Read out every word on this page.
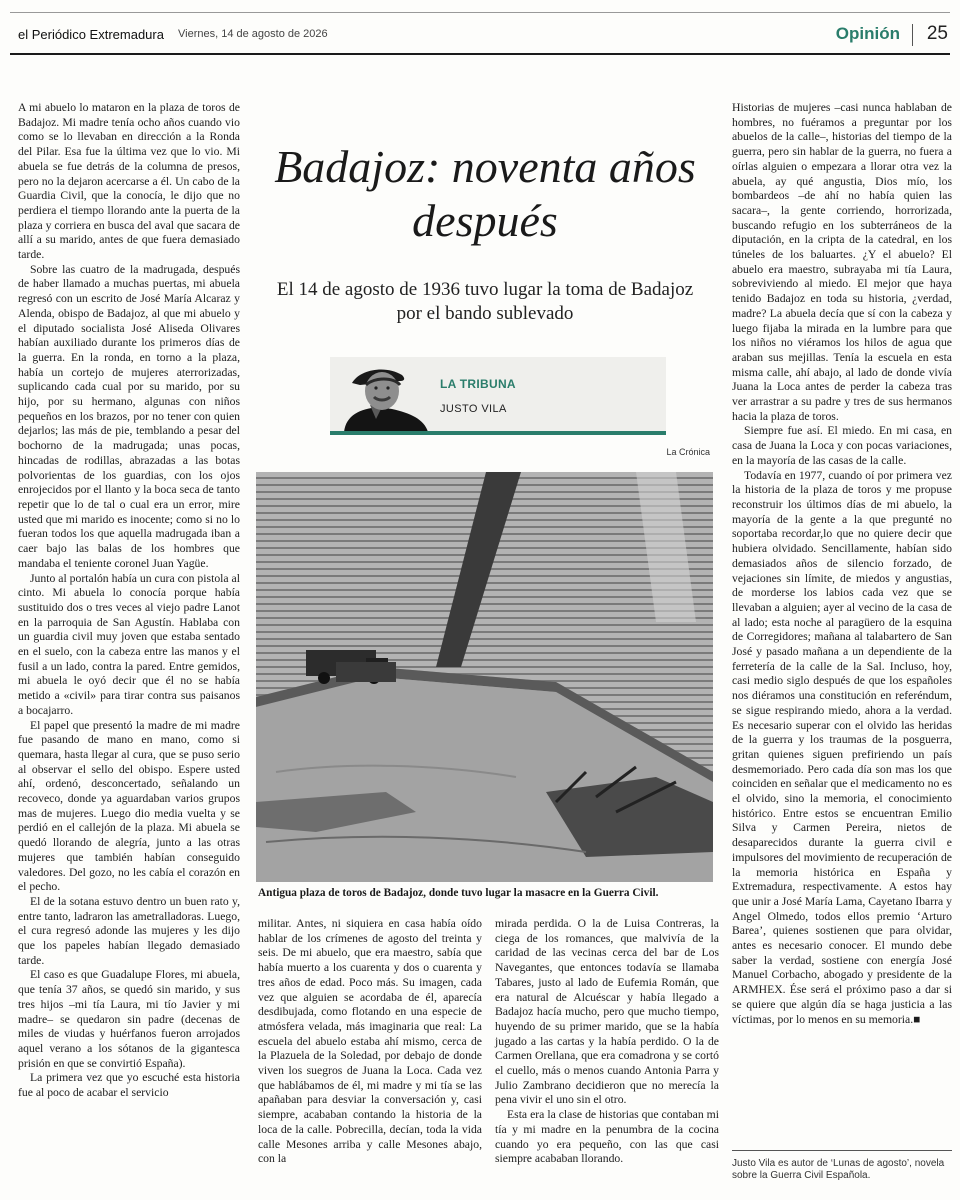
el Periódico Extremadura Viernes, 14 de agosto de 2026	Opinión 25

A mi abuelo lo mataron en la plaza de toros de Badajoz. Mi madre tenía ocho años cuando vio como se lo llevaban en dirección a la Ronda del Pilar. Esa fue la última vez que lo vio. Mi abuela se fue detrás de la columna de presos, pero no la dejaron acercarse a él. Un cabo de la Guardia Civil, que la conocía, le dijo que no perdiera el tiempo llorando ante la puerta de la plaza y corriera en busca del aval que sacara de allí a su marido, antes de que fuera demasiado tarde.

Sobre las cuatro de la madrugada, después de haber llamado a muchas puertas, mi abuela regresó con un escrito de José María Alcaraz y Alenda, obispo de Badajoz, al que mi abuelo y el diputado socialista José Aliseda Olivares habían auxiliado durante los primeros días de la guerra. En la ronda, en torno a la plaza, había un cortejo de mujeres aterrorizadas, suplicando cada cual por su marido, por su hijo, por su hermano, algunas con niños pequeños en los brazos, por no tener con quien dejarlos; las más de pie, temblando a pesar del bochorno de la madrugada; unas pocas, hincadas de rodillas, abrazadas a las botas polvorientas de los guardias, con los ojos enrojecidos por el llanto y la boca seca de tanto repetir que lo de tal o cual era un error, mire usted que mi marido es inocente; como si no lo fueran todos los que aquella madrugada iban a caer bajo las balas de los hombres que mandaba el teniente coronel Juan Yagüe.

Junto al portalón había un cura con pistola al cinto. Mi abuela lo conocía porque había sustituido dos o tres veces al viejo padre Lanot en la parroquia de San Agustín. Hablaba con un guardia civil muy joven que estaba sentado en el suelo, con la cabeza entre las manos y el fusil a un lado, contra la pared. Entre gemidos, mi abuela le oyó decir que él no se había metido a «civil» para tirar contra sus paisanos a bocajarro.

El papel que presentó la madre de mi madre fue pasando de mano en mano, como si quemara, hasta llegar al cura, que se puso serio al observar el sello del obispo. Espere usted ahí, ordenó, desconcertado, señalando un recoveco, donde ya aguardaban varios grupos mas de mujeres. Luego dio media vuelta y se perdió en el callejón de la plaza. Mi abuela se quedó llorando de alegría, junto a las otras mujeres que también habían conseguido valedores. Del gozo, no les cabía el corazón en el pecho.

El de la sotana estuvo dentro un buen rato y, entre tanto, ladraron las ametralladoras. Luego, el cura regresó adonde las mujeres y les dijo que los papeles habían llegado demasiado tarde.

El caso es que Guadalupe Flores, mi abuela, que tenía 37 años, se quedó sin marido, y sus tres hijos –mi tía Laura, mi tío Javier y mi madre– se quedaron sin padre (decenas de miles de viudas y huérfanos fueron arrojados aquel verano a los sótanos de la gigantesca prisión en que se convirtió España).

La primera vez que yo escuché esta historia fue al poco de acabar el servicio

Badajoz: noventa años después
El 14 de agosto de 1936 tuvo lugar la toma de Badajoz por el bando sublevado
LA TRIBUNA
JUSTO VILA
La Crónica
Antigua plaza de toros de Badajoz, donde tuvo lugar la masacre en la Guerra Civil.

militar. Antes, ni siquiera en casa había oído hablar de los crímenes de agosto del treinta y seis. De mi abuelo, que era maestro, sabía que había muerto a los cuarenta y dos o cuarenta y tres años de edad. Poco más. Su imagen, cada vez que alguien se acordaba de él, aparecía desdibujada, como flotando en una especie de atmósfera velada, más imaginaria que real: La escuela del abuelo estaba ahí mismo, cerca de la Plazuela de la Soledad, por debajo de donde viven los suegros de Juana la Loca. Cada vez que hablábamos de él, mi madre y mi tía se las apañaban para desviar la conversación y, casi siempre, acababan contando la historia de la loca de la calle. Pobrecilla, decían, toda la vida calle Mesones arriba y calle Mesones abajo, con la

mirada perdida. O la de Luisa Contreras, la ciega de los romances, que malvivía de la caridad de las vecinas cerca del bar de Los Navegantes, que entonces todavía se llamaba Tabares, justo al lado de Eufemia Román, que era natural de Alcuéscar y había llegado a Badajoz hacía mucho, pero que mucho tiempo, huyendo de su primer marido, que se la había jugado a las cartas y la había perdido. O la de Carmen Orellana, que era comadrona y se cortó el cuello, más o menos cuando Antonia Parra y Julio Zambrano decidieron que no merecía la pena vivir el uno sin el otro.

Esta era la clase de historias que contaban mi tía y mi madre en la penumbra de la cocina cuando yo era pequeño, con las que casi siempre acababan llorando.

Historias de mujeres –casi nunca hablaban de hombres, no fuéramos a preguntar por los abuelos de la calle–, historias del tiempo de la guerra, pero sin hablar de la guerra, no fuera a oírlas alguien o empezara a llorar otra vez la abuela, ay qué angustia, Dios mío, los bombardeos –de ahí no había quien las sacara–, la gente corriendo, horrorizada, buscando refugio en los subterráneos de la diputación, en la cripta de la catedral, en los túneles de los baluartes. ¿Y el abuelo? El abuelo era maestro, subrayaba mi tía Laura, sobreviviendo al miedo. El mejor que haya tenido Badajoz en toda su historia, ¿verdad, madre? La abuela decía que sí con la cabeza y luego fijaba la mirada en la lumbre para que los niños no viéramos los hilos de agua que araban sus mejillas. Tenía la escuela en esta misma calle, ahí abajo, al lado de donde vivía Juana la Loca antes de perder la cabeza tras ver arrastrar a su padre y tres de sus hermanos hacia la plaza de toros.

Siempre fue así. El miedo. En mi casa, en casa de Juana la Loca y con pocas variaciones, en la mayoría de las casas de la calle.

Todavía en 1977, cuando oí por primera vez la historia de la plaza de toros y me propuse reconstruir los últimos días de mi abuelo, la mayoría de la gente a la que pregunté no soportaba recordar,lo que no quiere decir que hubiera olvidado. Sencillamente, habían sido demasiados años de silencio forzado, de vejaciones sin límite, de miedos y angustias, de morderse los labios cada vez que se llevaban a alguien; ayer al vecino de la casa de al lado; esta noche al paragüero de la esquina de Corregidores; mañana al talabartero de San José y pasado mañana a un dependiente de la ferretería de la calle de la Sal. Incluso, hoy, casi medio siglo después de que los españoles nos diéramos una constitución en referéndum, se sigue respirando miedo, ahora a la verdad. Es necesario superar con el olvido las heridas de la guerra y los traumas de la posguerra, gritan quienes siguen prefiriendo un país desmemoriado. Pero cada día son mas los que coinciden en señalar que el medicamento no es el olvido, sino la memoria, el conocimiento histórico. Entre estos se encuentran Emilio Silva y Carmen Pereira, nietos de desaparecidos durante la guerra civil e impulsores del movimiento de recuperación de la memoria histórica en España y Extremadura, respectivamente. A estos hay que unir a José María Lama, Cayetano Ibarra y Angel Olmedo, todos ellos premio ‘Arturo Barea’, quienes sostienen que para olvidar, antes es necesario conocer. El mundo debe saber la verdad, sostiene con energía José Manuel Corbacho, abogado y presidente de la ARMHEX. Ése será el próximo paso a dar si se quiere que algún día se haga justicia a las víctimas, por lo menos en su memoria.■

Justo Vila es autor de ‘Lunas de agosto’, novela sobre la Guerra Civil Española.
